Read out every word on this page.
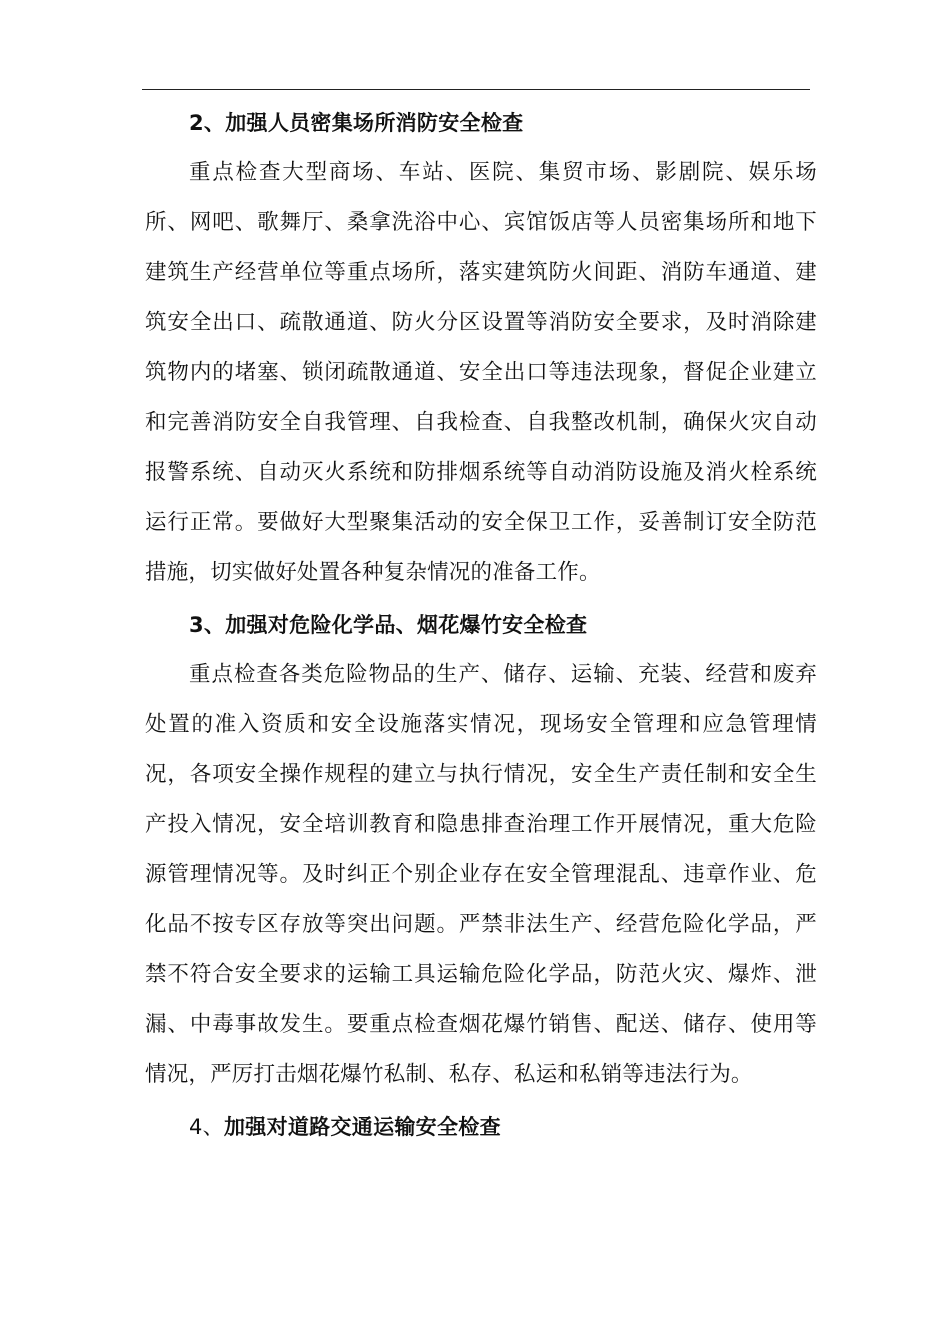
2、加强人员密集场所消防安全检查

重点检查大型商场、车站、医院、集贸市场、影剧院、娱乐场所、网吧、歌舞厅、桑拿洗浴中心、宾馆饭店等人员密集场所和地下建筑生产经营单位等重点场所，落实建筑防火间距、消防车通道、建筑安全出口、疏散通道、防火分区设置等消防安全要求，及时消除建筑物内的堵塞、锁闭疏散通道、安全出口等违法现象，督促企业建立和完善消防安全自我管理、自我检查、自我整改机制，确保火灾自动报警系统、自动灭火系统和防排烟系统等自动消防设施及消火栓系统运行正常。要做好大型聚集活动的安全保卫工作，妥善制订安全防范措施，切实做好处置各种复杂情况的准备工作。

3、加强对危险化学品、烟花爆竹安全检查

重点检查各类危险物品的生产、储存、运输、充装、经营和废弃处置的准入资质和安全设施落实情况，现场安全管理和应急管理情况，各项安全操作规程的建立与执行情况，安全生产责任制和安全生产投入情况，安全培训教育和隐患排查治理工作开展情况，重大危险源管理情况等。及时纠正个别企业存在安全管理混乱、违章作业、危化品不按专区存放等突出问题。严禁非法生产、经营危险化学品，严禁不符合安全要求的运输工具运输危险化学品，防范火灾、爆炸、泄漏、中毒事故发生。要重点检查烟花爆竹销售、配送、储存、使用等情况，严厉打击烟花爆竹私制、私存、私运和私销等违法行为。

4、加强对道路交通运输安全检查
